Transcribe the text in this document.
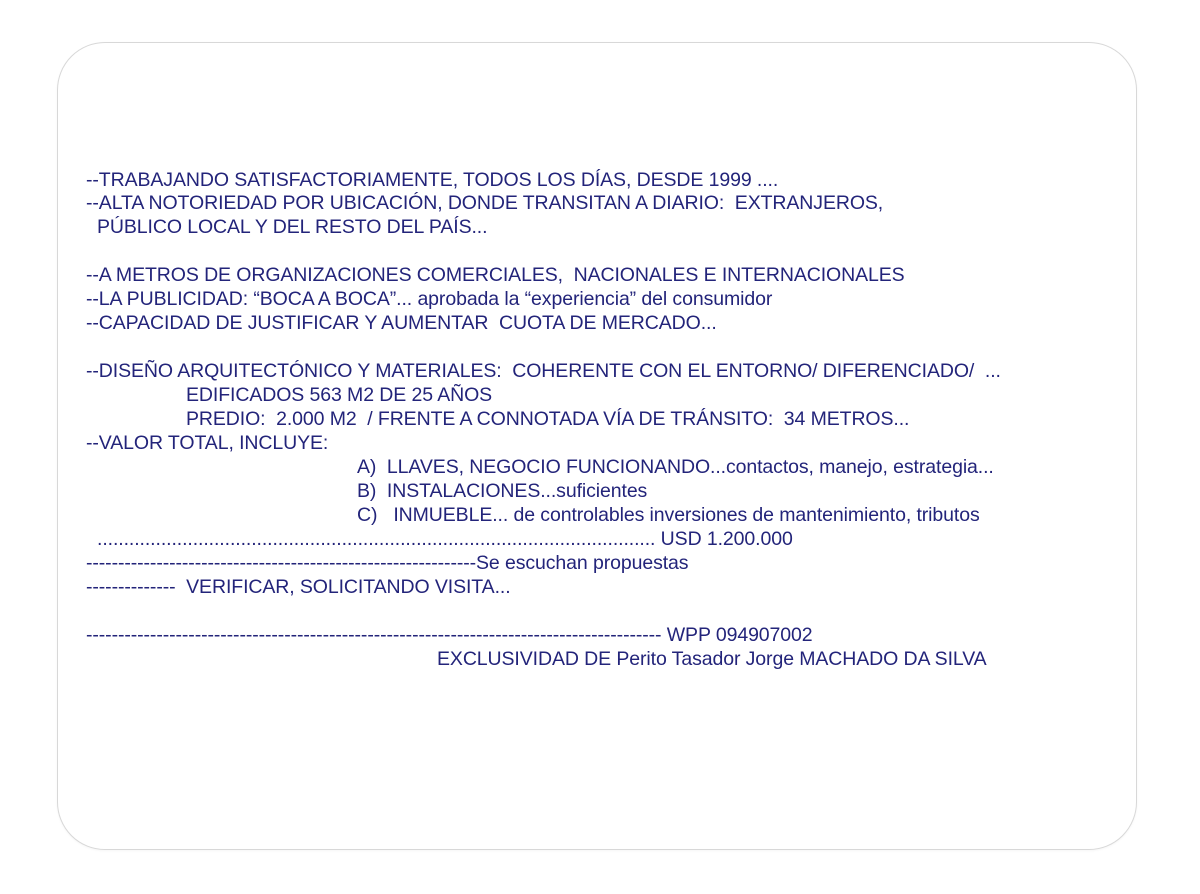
--TRABAJANDO SATISFACTORIAMENTE, TODOS LOS DÍAS, DESDE 1999 ....
--ALTA NOTORIEDAD POR UBICACIÓN, DONDE TRANSITAN A DIARIO:  EXTRANJEROS,
PÚBLICO LOCAL Y DEL RESTO DEL PAÍS...
--A METROS DE ORGANIZACIONES COMERCIALES,  NACIONALES E INTERNACIONALES
--LA PUBLICIDAD: “BOCA A BOCA”... aprobada la “experiencia” del consumidor
--CAPACIDAD DE JUSTIFICAR Y AUMENTAR  CUOTA DE MERCADO...
--DISEÑO ARQUITECTÓNICO Y MATERIALES:  COHERENTE CON EL ENTORNO/ DIFERENCIADO/  ...
EDIFICADOS 563 M2 DE 25 AÑOS
PREDIO:  2.000 M2  / FRENTE A CONNOTADA VÍA DE TRÁNSITO:  34 METROS...
--VALOR TOTAL, INCLUYE:
A)  LLAVES, NEGOCIO FUNCIONANDO...contactos, manejo, estrategia...
B)  INSTALACIONES...suficientes
C)   INMUEBLE... de controlables inversiones de mantenimiento, tributos
......................................................................................................... USD 1.200.000
-------------------------------------------------------------Se escuchan propuestas
--------------  VERIFICAR, SOLICITANDO VISITA...
------------------------------------------------------------------------------------------ WPP 094907002
EXCLUSIVIDAD DE Perito Tasador Jorge MACHADO DA SILVA
